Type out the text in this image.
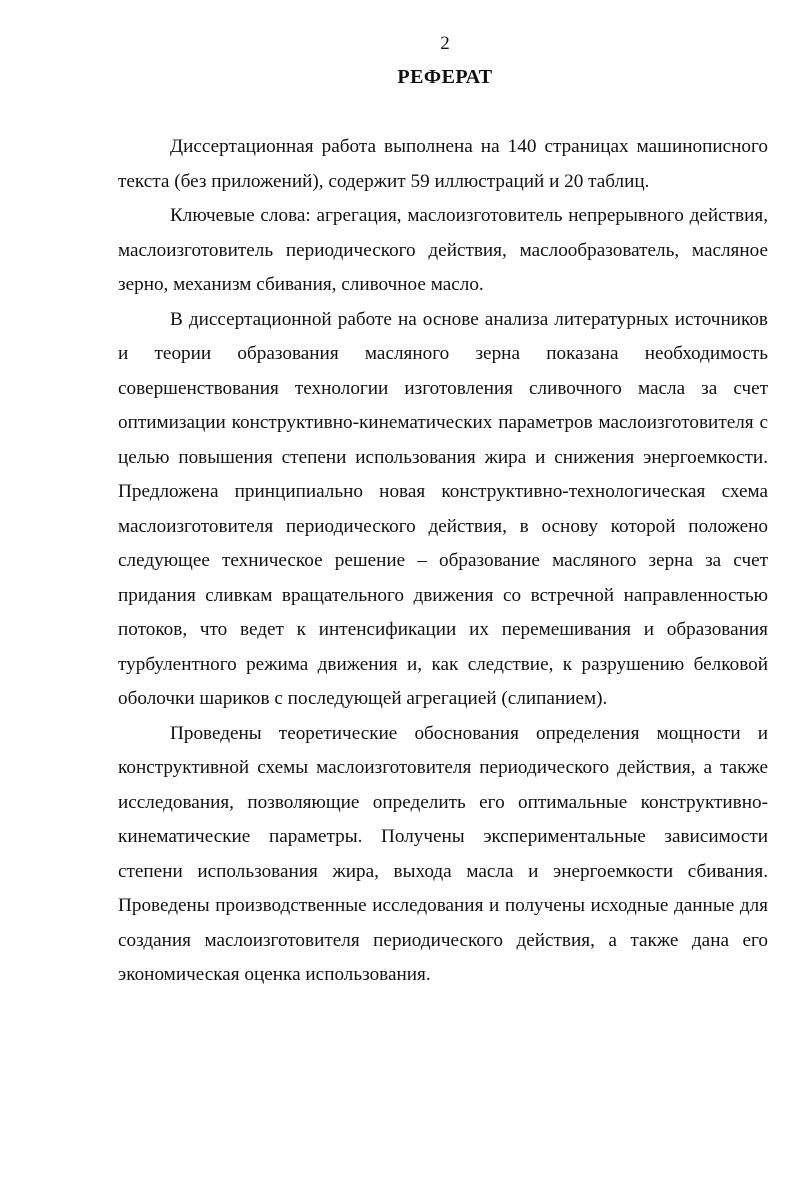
2
РЕФЕРАТ

Диссертационная работа выполнена на 140 страницах машинописного текста (без приложений), содержит 59 иллюстраций и 20 таблиц.

Ключевые слова: агрегация, маслоизготовитель непрерывного действия, маслоизготовитель периодического действия, маслообразователь, масляное зерно, механизм сбивания, сливочное масло.

В диссертационной работе на основе анализа литературных источников и теории образования масляного зерна показана необходимость совершенствования технологии изготовления сливочного масла за счет оптимизации конструктивно-кинематических параметров маслоизготовителя с целью повышения степени использования жира и снижения энергоемкости. Предложена принципиально новая конструктивно-технологическая схема маслоизготовителя периодического действия, в основу которой положено следующее техническое решение – образование масляного зерна за счет придания сливкам вращательного движения со встречной направленностью потоков, что ведет к интенсификации их перемешивания и образования турбулентного режима движения и, как следствие, к разрушению белковой оболочки шариков с последующей агрегацией (слипанием).

Проведены теоретические обоснования определения мощности и конструктивной схемы маслоизготовителя периодического действия, а также исследования, позволяющие определить его оптимальные конструктивно-кинематические параметры. Получены экспериментальные зависимости степени использования жира, выхода масла и энергоемкости сбивания. Проведены производственные исследования и получены исходные данные для создания маслоизготовителя периодического действия, а также дана его экономическая оценка использования.
